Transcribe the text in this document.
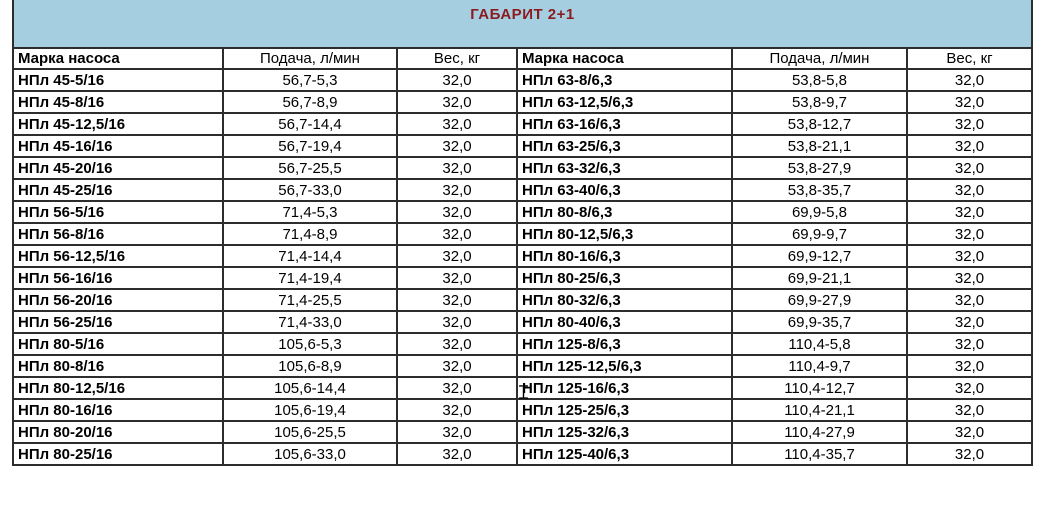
ГАБАРИТ 2+1					
Марка насоса	Подача, л/мин	Вес, кг	Марка насоса	Подача, л/мин	Вес, кг
НПл 45-5/16	56,7-5,3	32,0	НПл 63-8/6,3	53,8-5,8	32,0
НПл 45-8/16	56,7-8,9	32,0	НПл 63-12,5/6,3	53,8-9,7	32,0
НПл 45-12,5/16	56,7-14,4	32,0	НПл 63-16/6,3	53,8-12,7	32,0
НПл 45-16/16	56,7-19,4	32,0	НПл 63-25/6,3	53,8-21,1	32,0
НПл 45-20/16	56,7-25,5	32,0	НПл 63-32/6,3	53,8-27,9	32,0
НПл 45-25/16	56,7-33,0	32,0	НПл 63-40/6,3	53,8-35,7	32,0
НПл 56-5/16	71,4-5,3	32,0	НПл 80-8/6,3	69,9-5,8	32,0
НПл 56-8/16	71,4-8,9	32,0	НПл 80-12,5/6,3	69,9-9,7	32,0
НПл 56-12,5/16	71,4-14,4	32,0	НПл 80-16/6,3	69,9-12,7	32,0
НПл 56-16/16	71,4-19,4	32,0	НПл 80-25/6,3	69,9-21,1	32,0
НПл 56-20/16	71,4-25,5	32,0	НПл 80-32/6,3	69,9-27,9	32,0
НПл 56-25/16	71,4-33,0	32,0	НПл 80-40/6,3	69,9-35,7	32,0
НПл 80-5/16	105,6-5,3	32,0	НПл 125-8/6,3	110,4-5,8	32,0
НПл 80-8/16	105,6-8,9	32,0	НПл 125-12,5/6,3	110,4-9,7	32,0
НПл 80-12,5/16	105,6-14,4	32,0	НПл 125-16/6,3	110,4-12,7	32,0
НПл 80-16/16	105,6-19,4	32,0	НПл 125-25/6,3	110,4-21,1	32,0
НПл 80-20/16	105,6-25,5	32,0	НПл 125-32/6,3	110,4-27,9	32,0
НПл 80-25/16	105,6-33,0	32,0	НПл 125-40/6,3	110,4-35,7	32,0
